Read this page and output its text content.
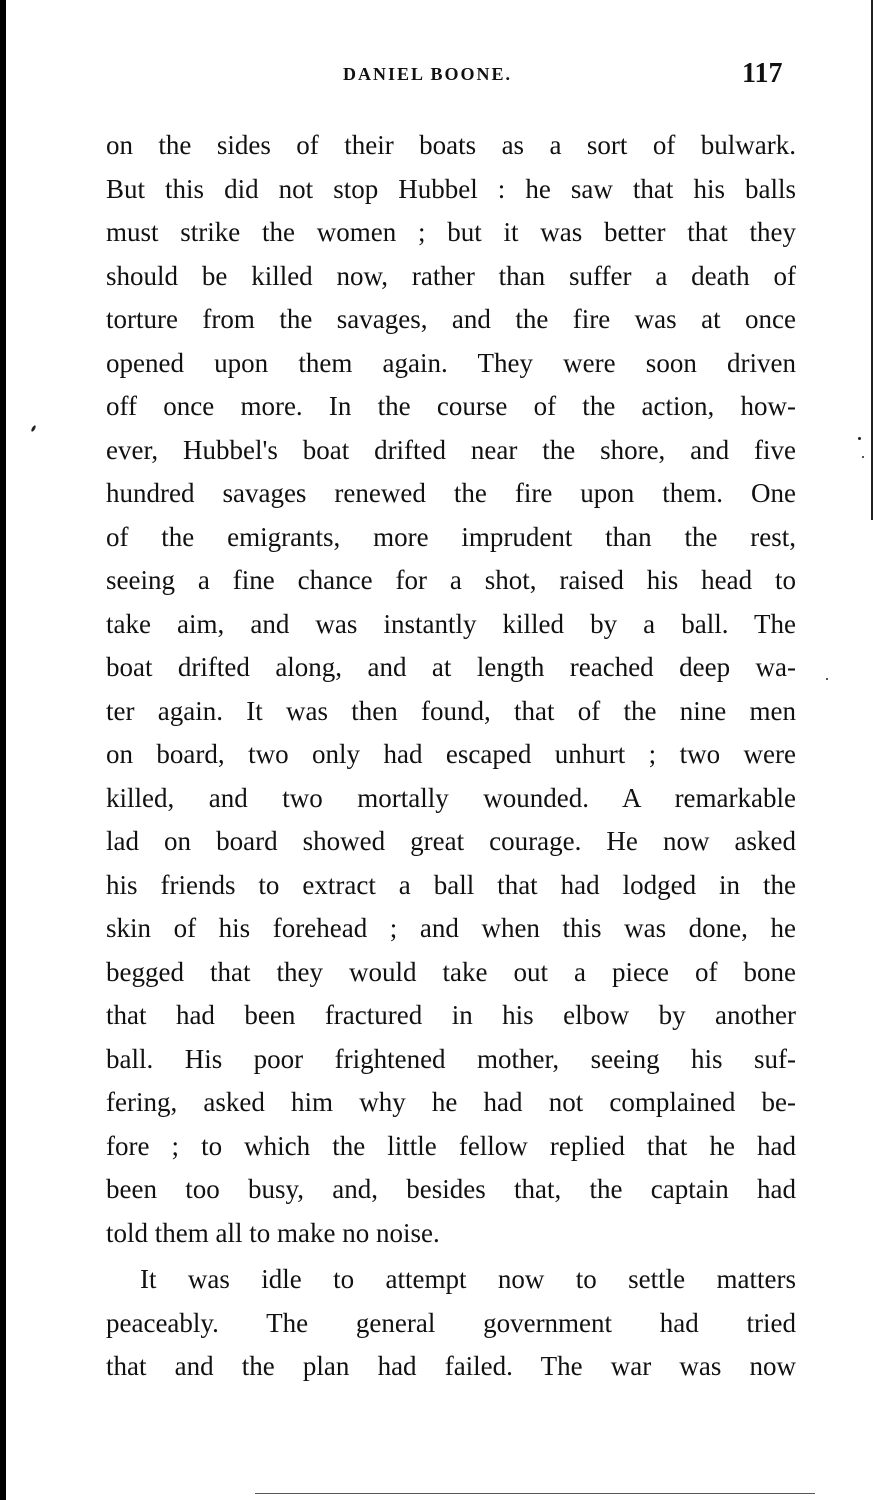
DANIEL BOONE.	117
on the sides of their boats as a sort of bulwark.
But this did not stop Hubbel : he saw that his balls
must strike the women ; but it was better that they
should be killed now, rather than suffer a death of
torture from the savages, and the fire was at once
opened upon them again. They were soon driven
off once more. In the course of the action, how-
ever, Hubbel's boat drifted near the shore, and five
hundred savages renewed the fire upon them. One
of the emigrants, more imprudent than the rest,
seeing a fine chance for a shot, raised his head to
take aim, and was instantly killed by a ball. The
boat drifted along, and at length reached deep wa-
ter again. It was then found, that of the nine men
on board, two only had escaped unhurt ; two were
killed, and two mortally wounded. A remarkable
lad on board showed great courage. He now asked
his friends to extract a ball that had lodged in the
skin of his forehead ; and when this was done, he
begged that they would take out a piece of bone
that had been fractured in his elbow by another
ball. His poor frightened mother, seeing his suf-
fering, asked him why he had not complained be-
fore ; to which the little fellow replied that he had
been too busy, and, besides that, the captain had
told them all to make no noise.
It was idle to attempt now to settle matters
peaceably. The general government had tried
that and the plan had failed. The war was now
